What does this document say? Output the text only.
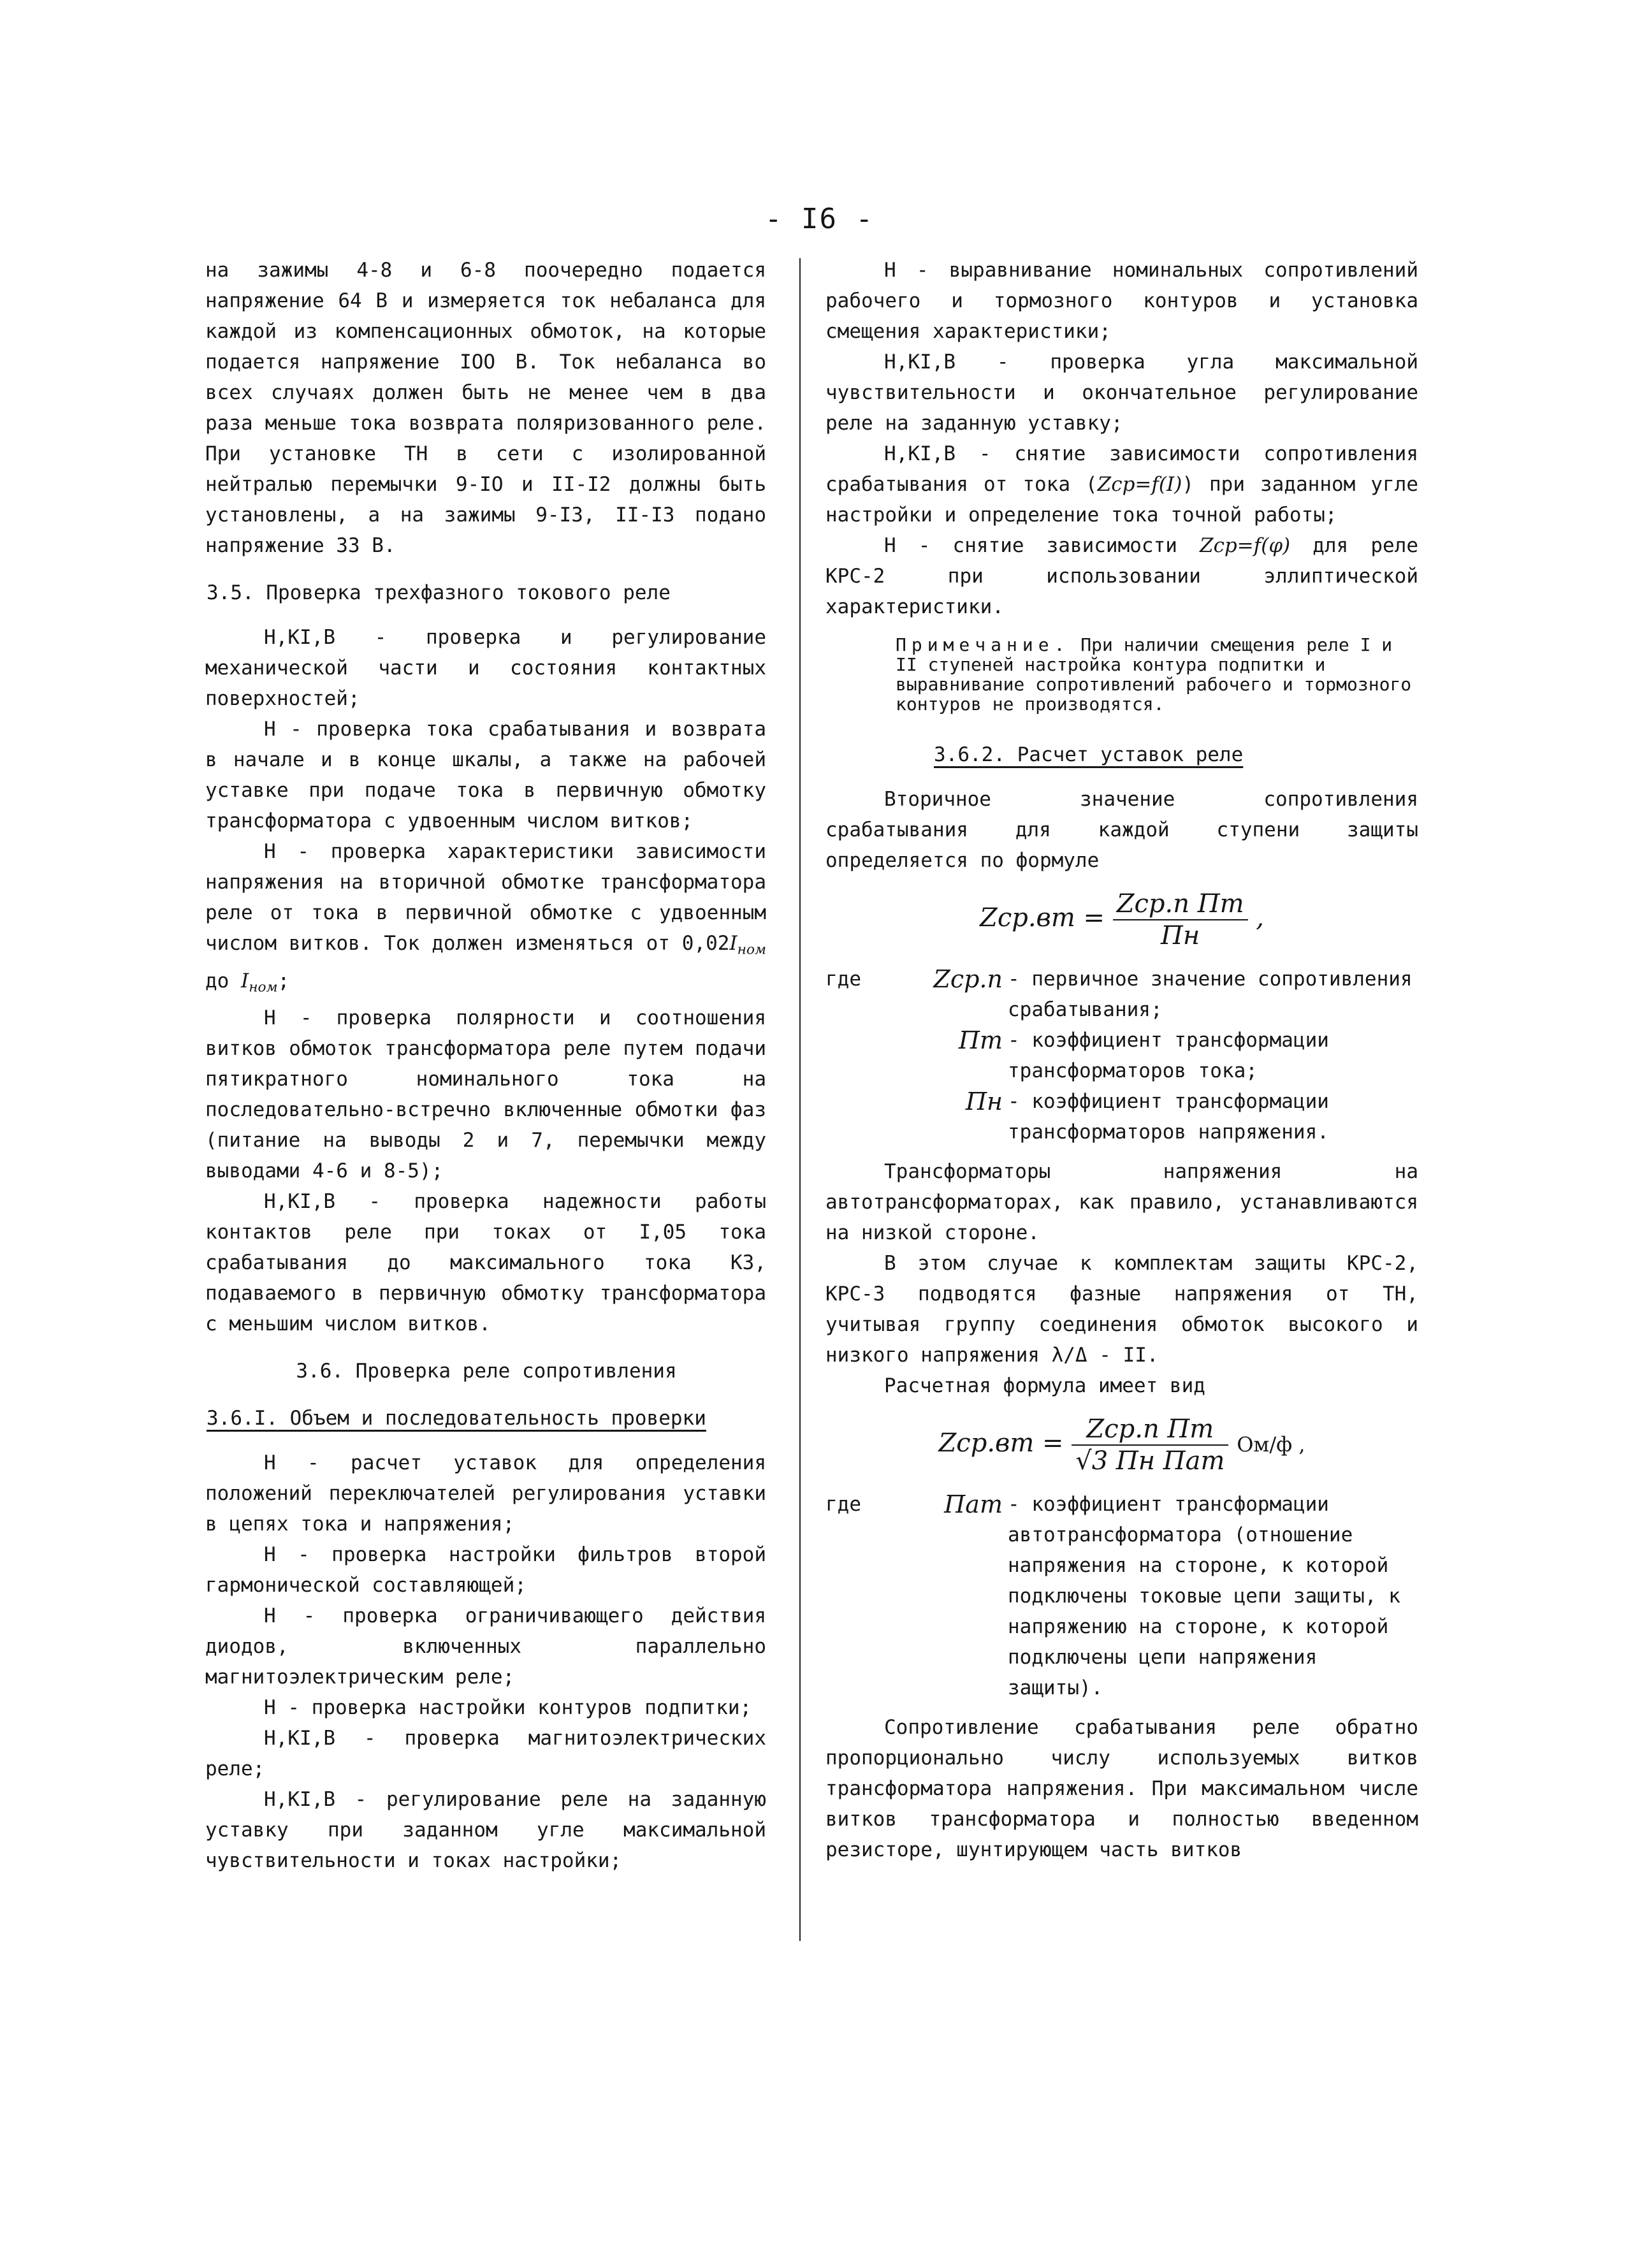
- I6 -

на зажимы 4-8 и 6-8 поочередно подается напряжение 64 В и измеряется ток небаланса для каждой из компенсационных обмоток, на которые подается напряжение IOO В. Ток небаланса во всех случаях должен быть не менее чем в два раза меньше тока возврата поляризованного реле. При установке ТН в сети с изолированной нейтралью перемычки 9-IO и II-I2 должны быть установлены, а на зажимы 9-I3, II-I3 подано напряжение 33 В.

3.5. Проверка трехфазного токового реле

Н,КI,В - проверка и регулирование механической части и состояния контактных поверхностей;

Н - проверка тока срабатывания и возврата в начале и в конце шкалы, а также на рабочей уставке при подаче тока в первичную обмотку трансформатора с удвоенным числом витков;

Н - проверка характеристики зависимости напряжения на вторичной обмотке трансформатора реле от тока в первичной обмотке с удвоенным числом витков. Ток должен изменяться от $0,02I_{ном}$ до $I_{ном}$;

Н - проверка полярности и соотношения витков обмоток трансформатора реле путем подачи пятикратного номинального тока на последовательно-встречно включенные обмотки фаз (питание на выводы 2 и 7, перемычки между выводами 4-6 и 8-5);

Н,КI,В - проверка надежности работы контактов реле при токах от I,05 тока срабатывания до максимального тока КЗ, подаваемого в первичную обмотку трансформатора с меньшим числом витков.

3.6. Проверка реле сопротивления

3.6.I. Объем и последовательность проверки

Н - расчет уставок для определения положений переключателей регулирования уставки в цепях тока и напряжения;

Н - проверка настройки фильтров второй гармонической составляющей;

Н - проверка ограничивающего действия диодов, включенных параллельно магнитоэлектрическим реле;

Н - проверка настройки контуров подпитки;

Н,КI,В - проверка магнитоэлектрических реле;

Н,КI,В - регулирование реле на заданную уставку при заданном угле максимальной чувствительности и токах настройки;

Н - выравнивание номинальных сопротивлений рабочего и тормозного контуров и установка смещения характеристики;

Н,КI,В - проверка угла максимальной чувствительности и окончательное регулирование реле на заданную уставку;

Н,КI,В - снятие зависимости сопротивления срабатывания от тока (Zср=f(I)) при заданном угле настройки и определение тока точной работы;

Н - снятие зависимости Zср=f(φ) для реле КРС-2 при использовании эллиптической характеристики.

Примечание. При наличии смещения реле I и II ступеней настройка контура подпитки и выравнивание сопротивлений рабочего и тормозного контуров не производятся.

3.6.2. Расчет уставок реле

Вторичное значение сопротивления срабатывания для каждой ступени защиты определяется по формуле

$Zср.вт = \frac{\text{Zср.п Пт}}{Пн}$ ,
где	Zср.п - первичное значение сопротивления срабатывания;
Пт - коэффициент трансформации трансформаторов тока;
Пн - коэффициент трансформации трансформаторов напряжения.

Трансформаторы напряжения на автотрансформаторах, как правило, устанавливаются на низкой стороне.

В этом случае к комплектам защиты КРС-2, КРС-3 подводятся фазные напряжения от ТН, учитывая группу соединения обмоток высокого и низкого напряжения λ/Δ - II.

Расчетная формула имеет вид

$Zср.вт = \frac{\text{Zср.п Пт}}{\text{√3 Пн Пат}} Ом/ф$ ,
где	Пат - коэффициент трансформации автотрансформатора (отношение напряжения на стороне, к которой подключены токовые цепи защиты, к напряжению на стороне, к которой подключены цепи напряжения защиты).

Сопротивление срабатывания реле обратно пропорционально числу используемых витков трансформатора напряжения. При максимальном числе витков трансформатора и полностью введенном резисторе, шунтирующем часть витков
